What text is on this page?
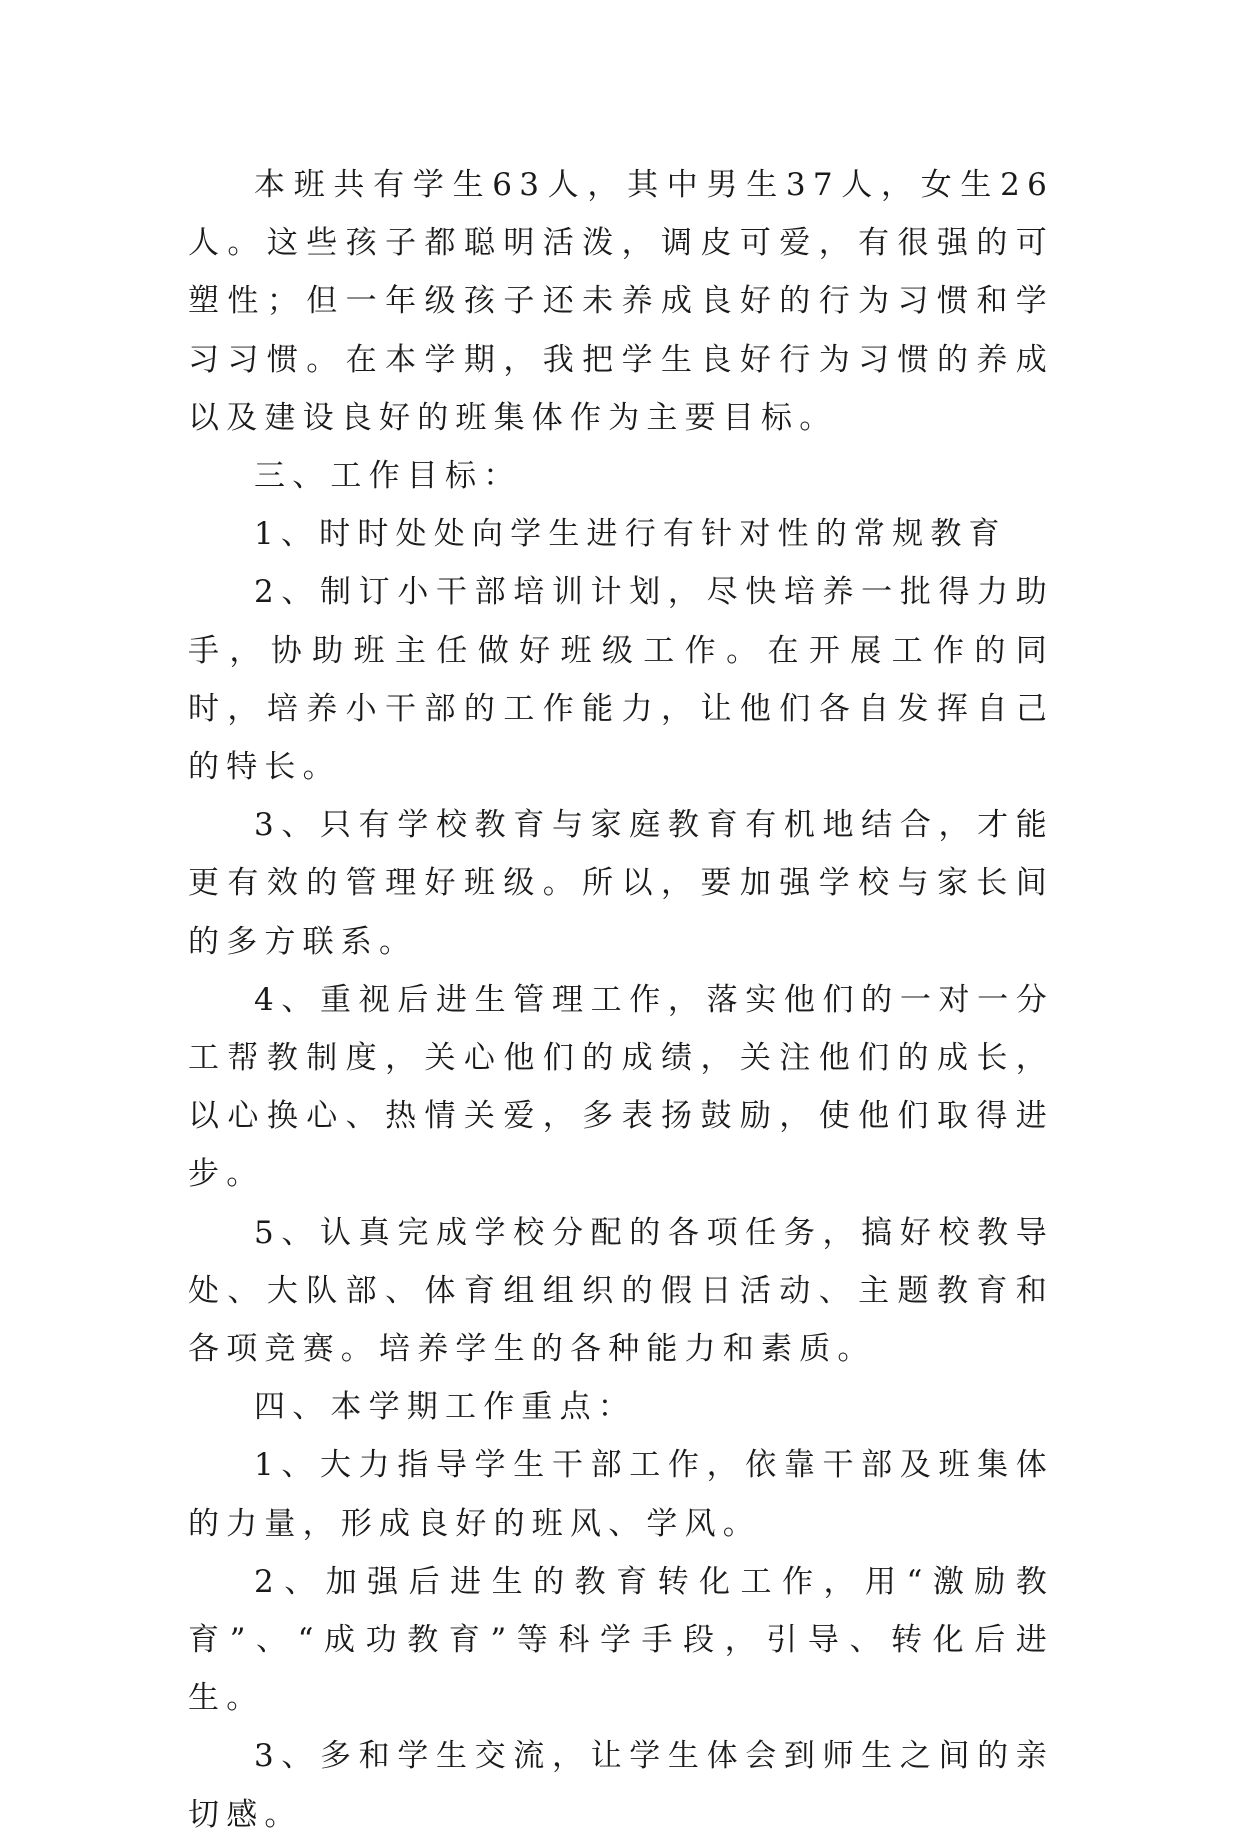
本班共有学生63人，其中男生37人，女生26人。这些孩子都聪明活泼，调皮可爱，有很强的可塑性；但一年级孩子还未养成良好的行为习惯和学习习惯。在本学期，我把学生良好行为习惯的养成以及建设良好的班集体作为主要目标。

三、工作目标：

1、时时处处向学生进行有针对性的常规教育

2、制订小干部培训计划，尽快培养一批得力助手，协助班主任做好班级工作。在开展工作的同时，培养小干部的工作能力，让他们各自发挥自己的特长。

3、只有学校教育与家庭教育有机地结合，才能更有效的管理好班级。所以，要加强学校与家长间的多方联系。

4、重视后进生管理工作，落实他们的一对一分工帮教制度，关心他们的成绩，关注他们的成长，以心换心、热情关爱，多表扬鼓励，使他们取得进步。

5、认真完成学校分配的各项任务，搞好校教导处、大队部、体育组组织的假日活动、主题教育和各项竞赛。培养学生的各种能力和素质。

四、本学期工作重点：

1、大力指导学生干部工作，依靠干部及班集体的力量，形成良好的班风、学风。

2、加强后进生的教育转化工作，用“激励教育”、“成功教育”等科学手段，引导、转化后进生。

3、多和学生交流，让学生体会到师生之间的亲切感。
